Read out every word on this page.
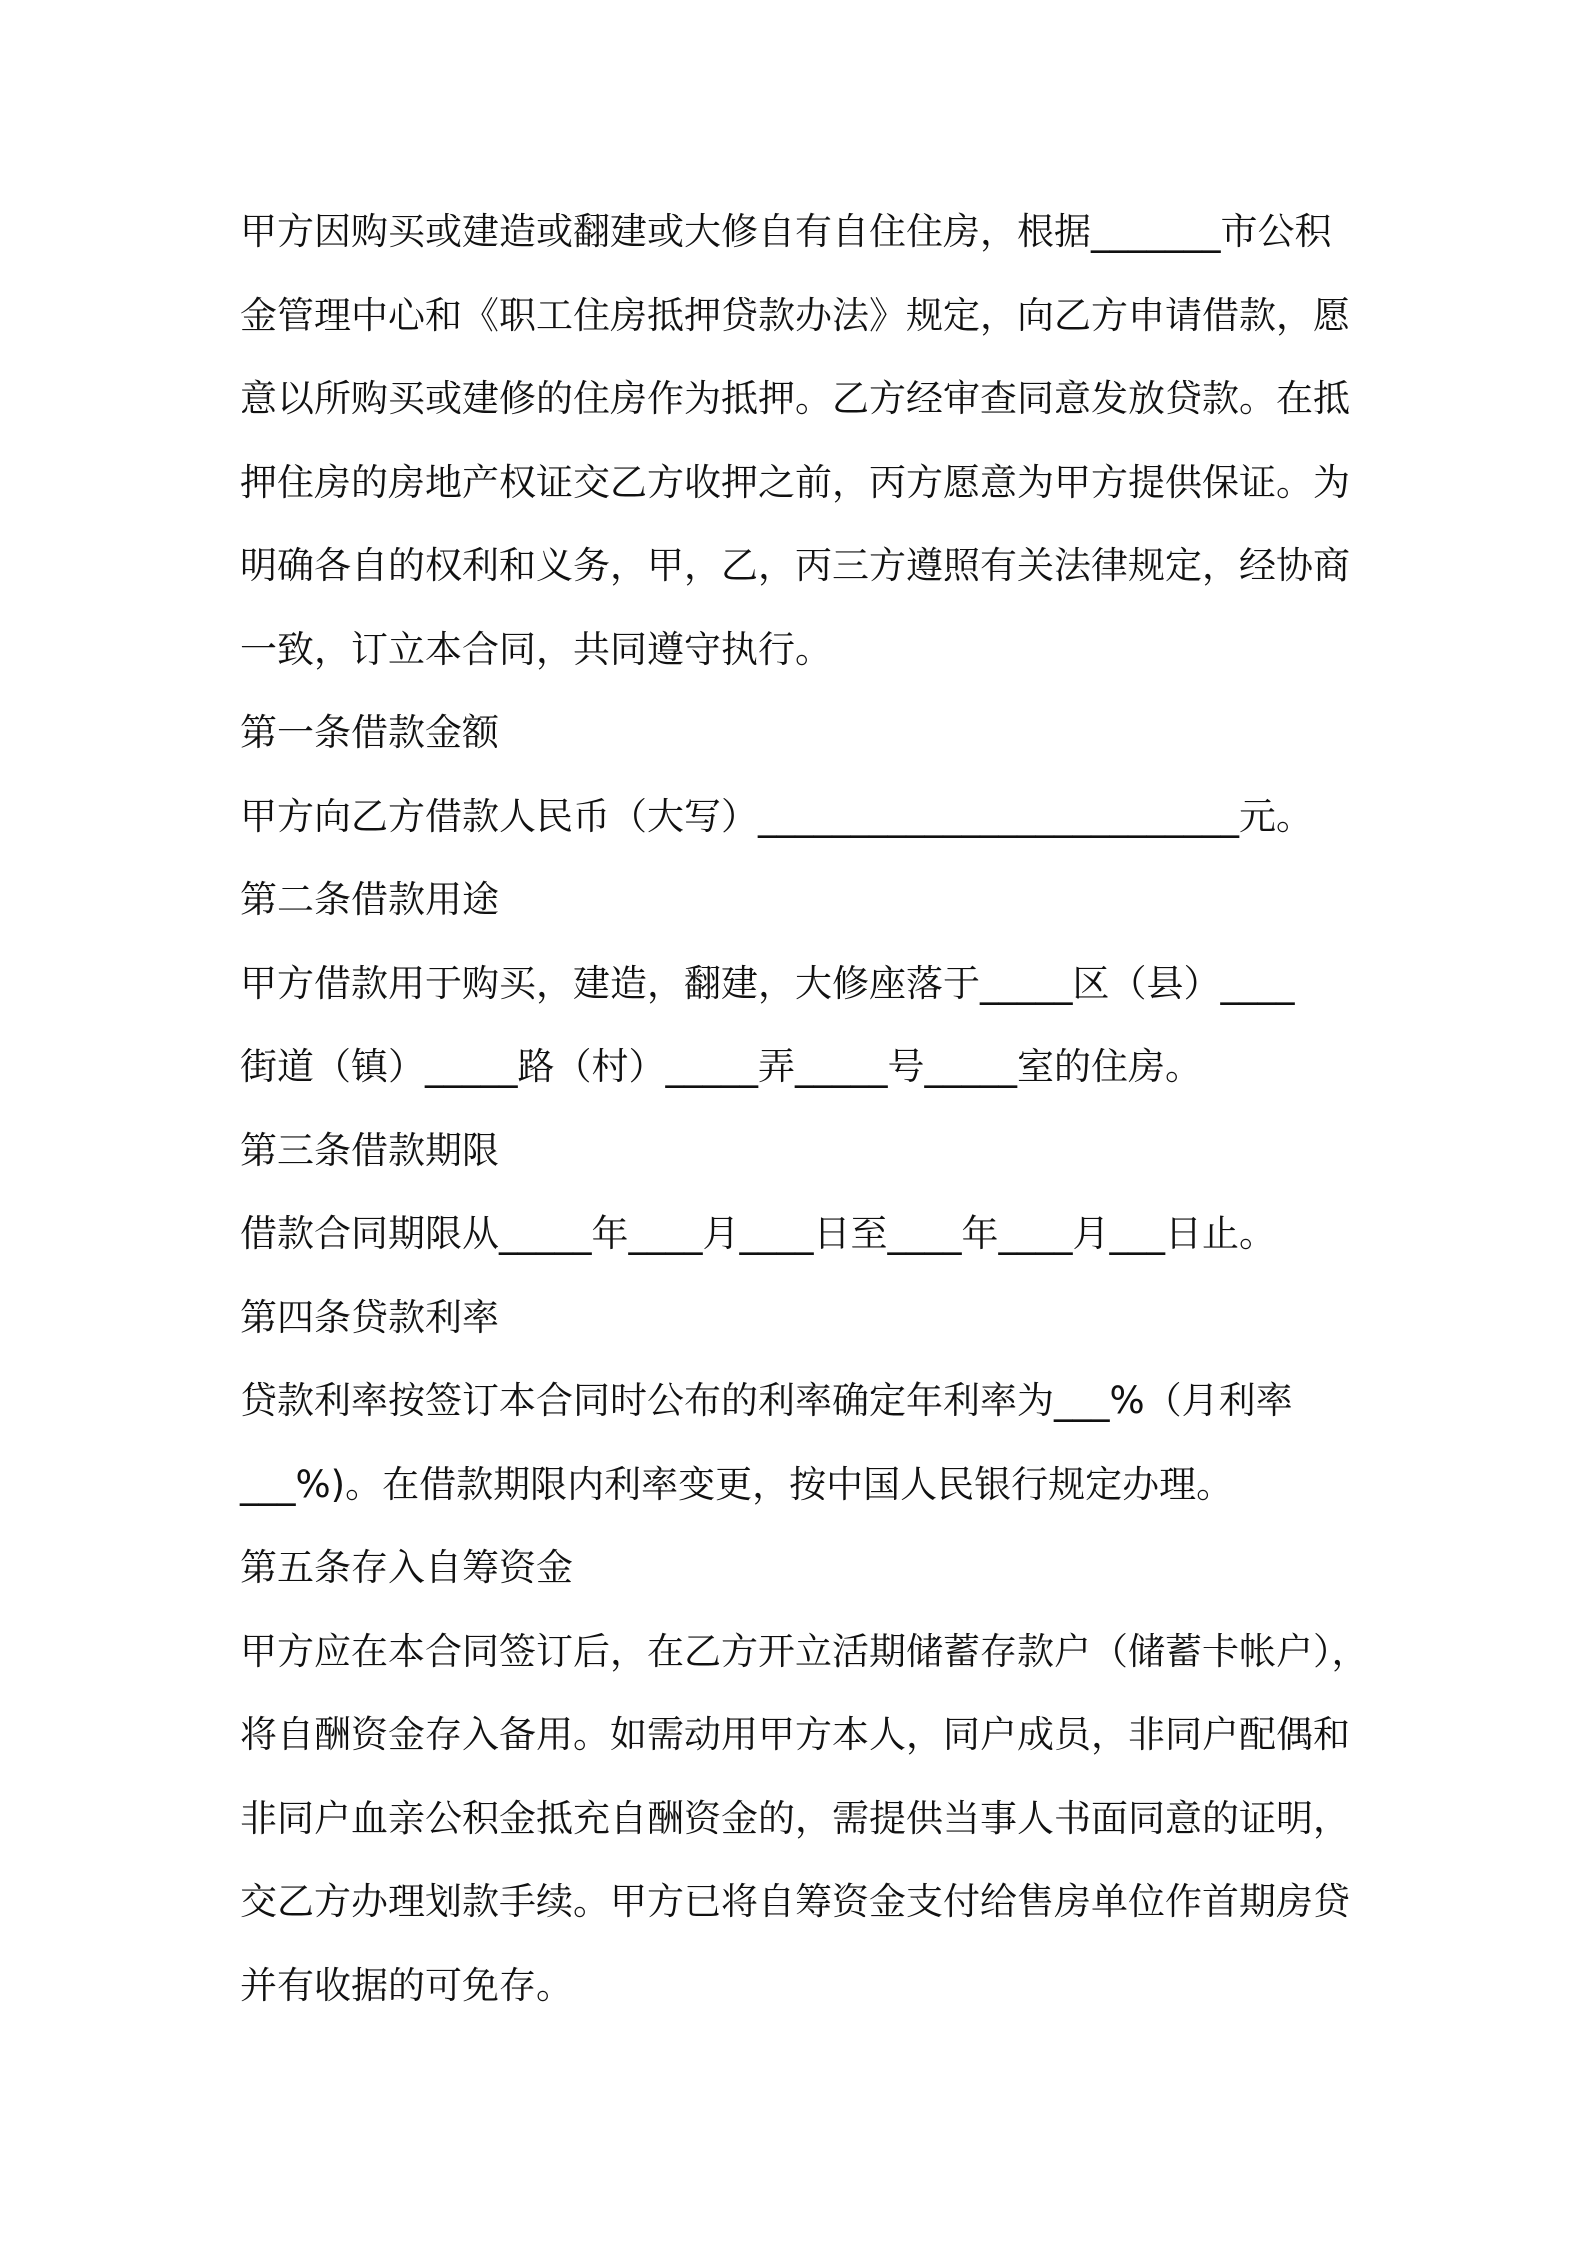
甲方因购买或建造或翻建或大修自有自住住房，根据_______市公积
金管理中心和《职工住房抵押贷款办法》规定，向乙方申请借款，愿
意以所购买或建修的住房作为抵押。乙方经审查同意发放贷款。在抵
押住房的房地产权证交乙方收押之前，丙方愿意为甲方提供保证。为
明确各自的权利和义务，甲，乙，丙三方遵照有关法律规定，经协商
一致，订立本合同，共同遵守执行。
第一条借款金额
甲方向乙方借款人民币（大写）__________________________元。
第二条借款用途
甲方借款用于购买，建造，翻建，大修座落于_____区（县）____
街道（镇）_____路（村）_____弄_____号_____室的住房。
第三条借款期限
借款合同期限从_____年____月____日至____年____月___日止。
第四条贷款利率
贷款利率按签订本合同时公布的利率确定年利率为___%（月利率
___%)。在借款期限内利率变更，按中国人民银行规定办理。
第五条存入自筹资金
甲方应在本合同签订后，在乙方开立活期储蓄存款户（储蓄卡帐户），
将自酬资金存入备用。如需动用甲方本人，同户成员，非同户配偶和
非同户血亲公积金抵充自酬资金的，需提供当事人书面同意的证明，
交乙方办理划款手续。甲方已将自筹资金支付给售房单位作首期房贷
并有收据的可免存。
